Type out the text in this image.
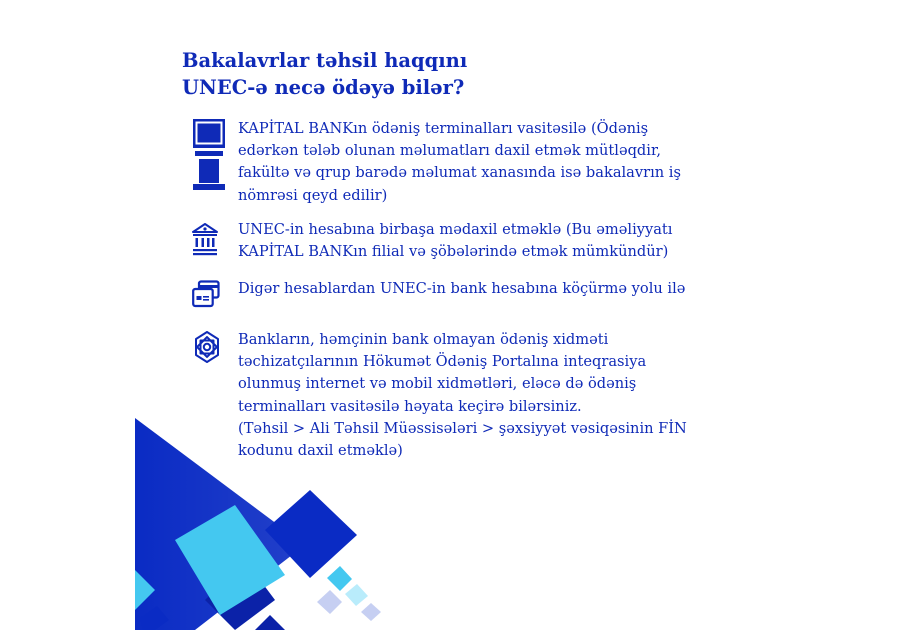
Bakalavrlar təhsil haqqını
UNEC-ə necə ödəyə bilər?

KAPİTAL BANKın ödəniş terminalları vasitəsilə (Ödəniş
edərkən tələb olunan məlumatları daxil etmək mütləqdir,
fakültə və qrup barədə məlumat xanasında isə bakalavrın iş
nömrəsi qeyd edilir)

UNEC-in hesabına birbaşa mədaxil etməklə (Bu əməliyyatı
KAPİTAL BANKın filial və şöbələrində etmək mümkündür)

Digər hesablardan UNEC-in bank hesabına köçürmə yolu ilə

Bankların, həmçinin bank olmayan ödəniş xidməti
təchizatçılarının Hökumət Ödəniş Portalına inteqrasiya
olunmuş internet və mobil xidmətləri, eləcə də ödəniş
terminalları vasitəsilə həyata keçirə bilərsiniz.
(Təhsil > Ali Təhsil Müəssisələri > şəxsiyyət vəsiqəsinin FİN
kodunu daxil etməklə)
